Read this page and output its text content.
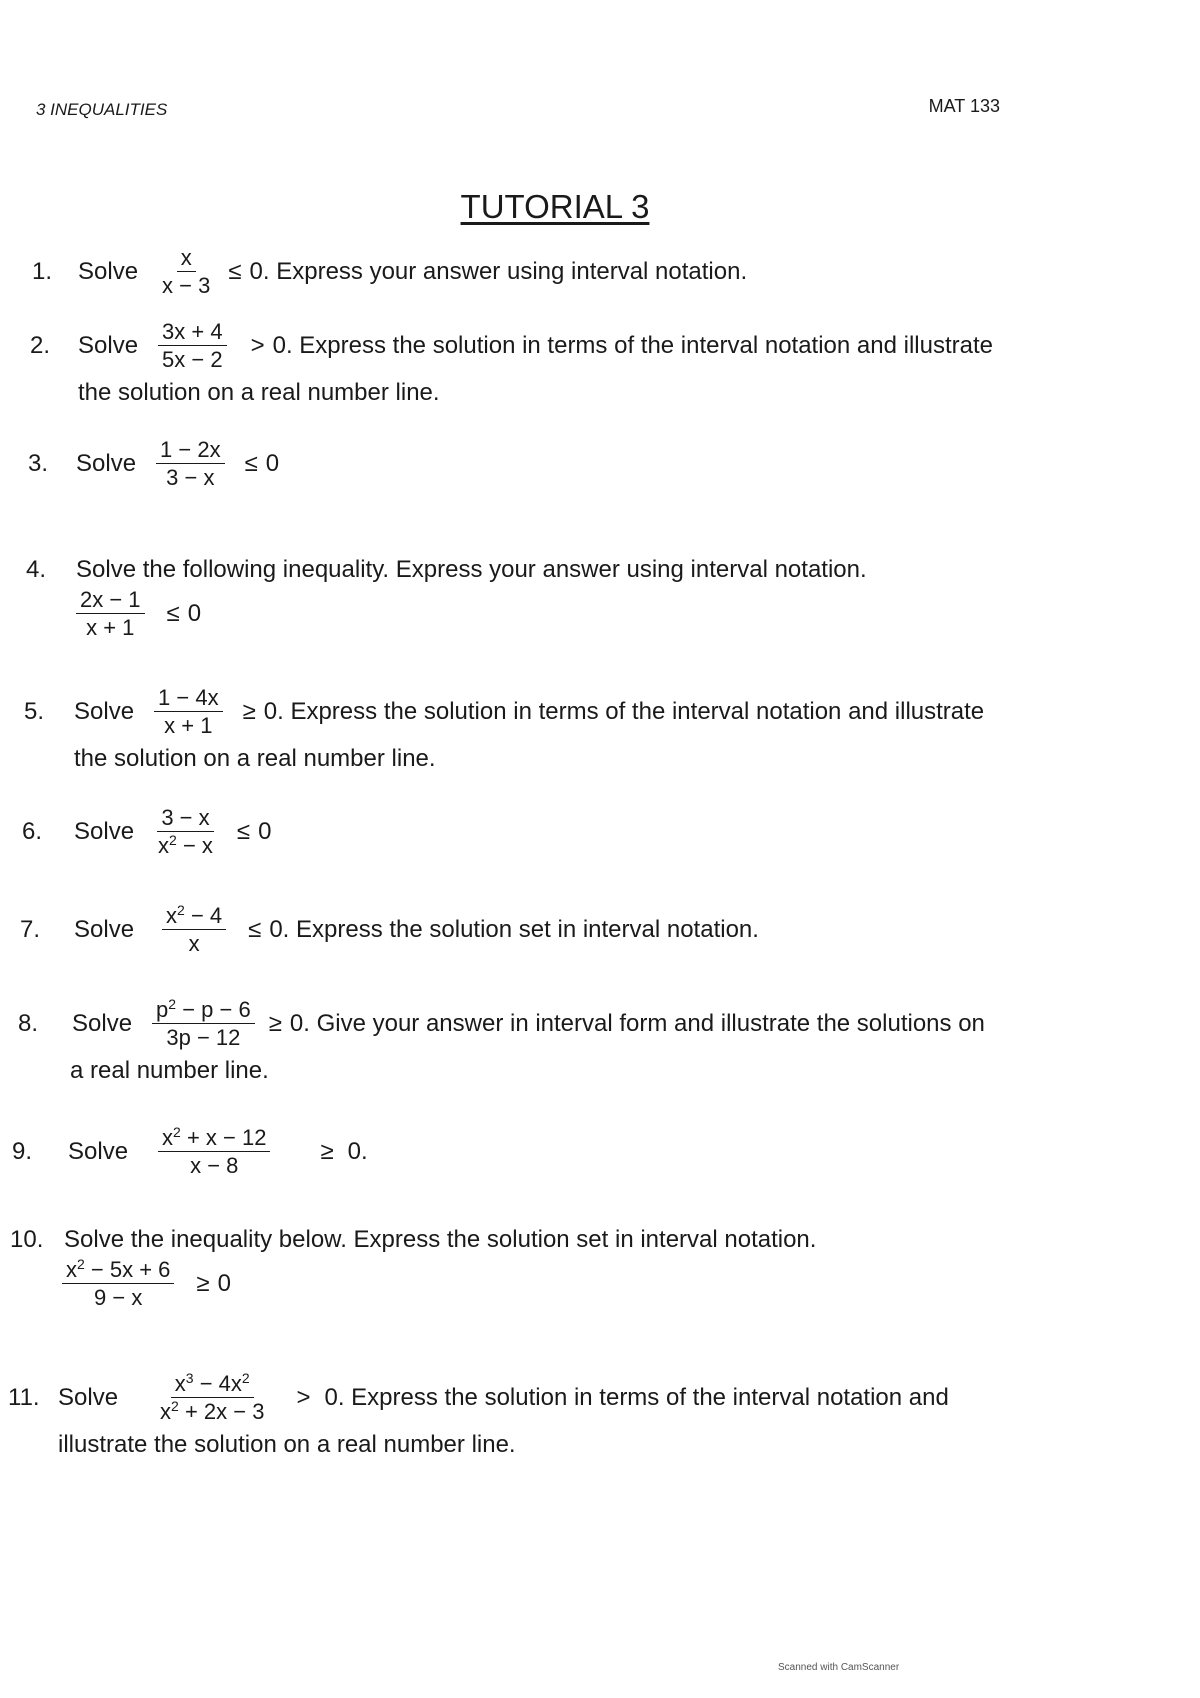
3 INEQUALITIES	MAT 133
TUTORIAL 3
1.	Solve $\frac{x}{x - 3} \le 0$. Express your answer using interval notation.
2.	Solve $\frac{3x + 4}{5x - 2} > 0$. Express the solution in terms of the interval notation and illustrate
the solution on a real number line.
3.	Solve $\frac{1 - 2x}{3 - x} \le 0$
4.	Solve the following inequality. Express your answer using interval notation.
$\frac{2x - 1}{x + 1} \le 0$
5.	Solve $\frac{1 - 4x}{x + 1} \ge 0$. Express the solution in terms of the interval notation and illustrate
the solution on a real number line.
6.	Solve $\frac{3 - x}{x^2 - x} \le 0$
7.	Solve $\frac{x^2 - 4}{x} \le 0$. Express the solution set in interval notation.
8.	Solve $\frac{p^2 - p - 6}{3p - 12} \ge 0$. Give your answer in interval form and illustrate the solutions on
a real number line.
9.	Solve $\frac{x^2 + x - 12}{x - 8} \ge 0$.
10. Solve the inequality below. Express the solution set in interval notation.
$\frac{x^2 - 5x + 6}{9 - x} \ge 0$
11. Solve $\frac{x^3 - 4x^2}{x^2 + 2x - 3} > 0$. Express the solution in terms of the interval notation and
illustrate the solution on a real number line.
Scanned with CamScanner
